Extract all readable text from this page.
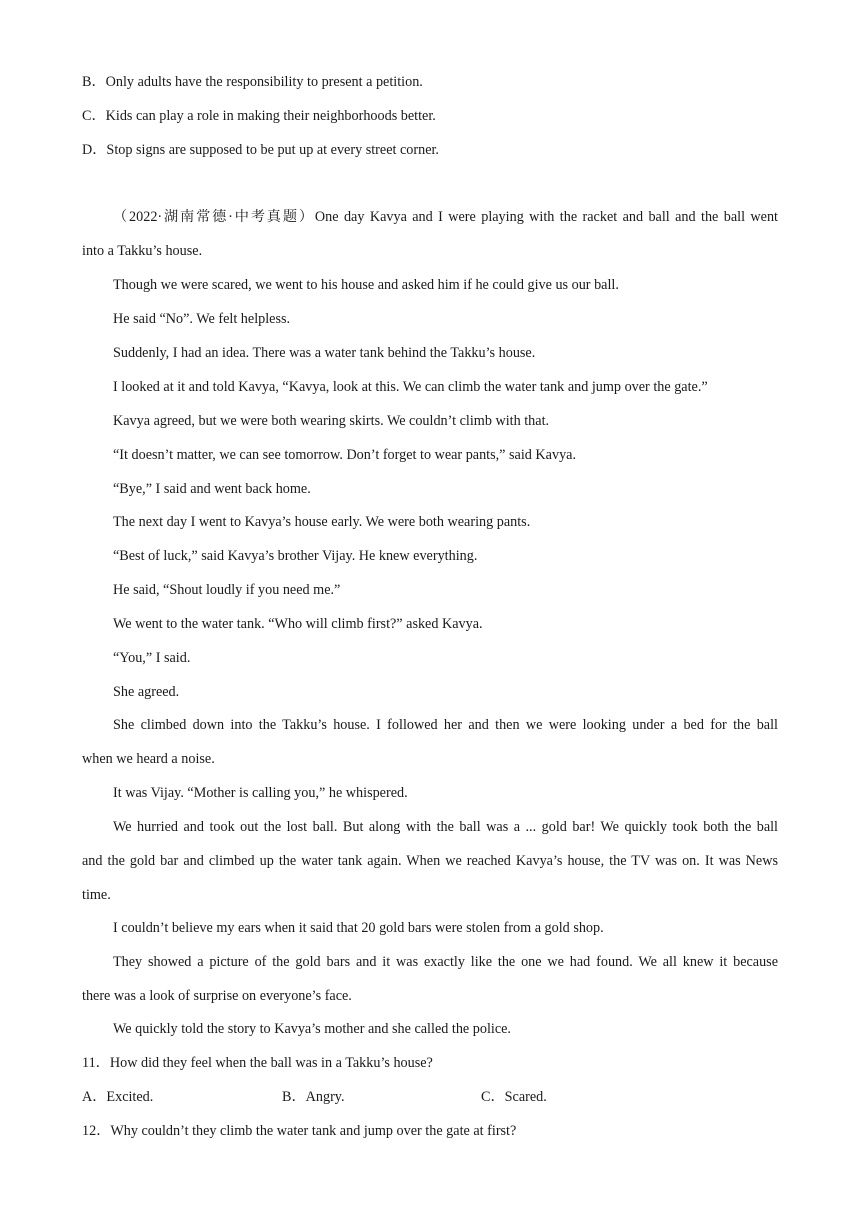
B．Only adults have the responsibility to present a petition.
C．Kids can play a role in making their neighborhoods better.
D．Stop signs are supposed to be put up at every street corner.
（2022·湖南常德·中考真题）One day Kavya and I were playing with the racket and ball and the ball went
into a Takku’s house.
Though we were scared, we went to his house and asked him if he could give us our ball.
He said “No”. We felt helpless.
Suddenly, I had an idea. There was a water tank behind the Takku’s house.
I looked at it and told Kavya, “Kavya, look at this. We can climb the water tank and jump over the gate.”
Kavya agreed, but we were both wearing skirts. We couldn’t climb with that.
“It doesn’t matter, we can see tomorrow. Don’t forget to wear pants,” said Kavya.
“Bye,” I said and went back home.
The next day I went to Kavya’s house early. We were both wearing pants.
“Best of luck,” said Kavya’s brother Vijay. He knew everything.
He said, “Shout loudly if you need me.”
We went to the water tank. “Who will climb first?” asked Kavya.
“You,” I said.
She agreed.
She climbed down into the Takku’s house. I followed her and then we were looking under a bed for the ball
when we heard a noise.
It was Vijay. “Mother is calling you,” he whispered.
We hurried and took out the lost ball. But along with the ball was a ... gold bar! We quickly took both the ball
and the gold bar and climbed up the water tank again. When we reached Kavya’s house, the TV was on. It was News
time.
I couldn’t believe my ears when it said that 20 gold bars were stolen from a gold shop.
They showed a picture of the gold bars and it was exactly like the one we had found. We all knew it because
there was a look of surprise on everyone’s face.
We quickly told the story to Kavya’s mother and she called the police.
11．How did they feel when the ball was in a Takku’s house?
A．Excited.	B．Angry.	C．Scared.
12．Why couldn’t they climb the water tank and jump over the gate at first?
